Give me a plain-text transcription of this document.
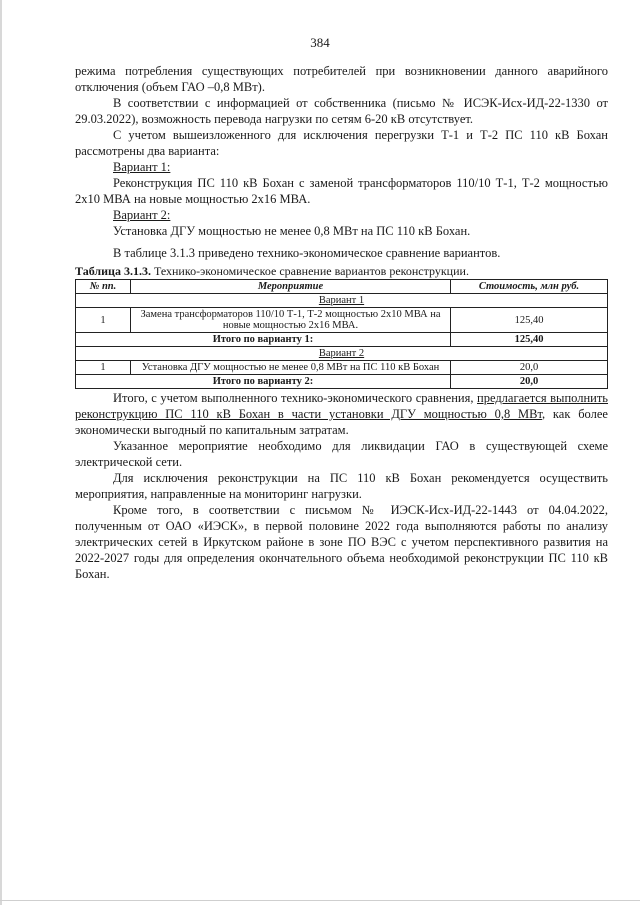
384

режима потребления существующих потребителей при возникновении данного аварийного отключения (объем ГАО –0,8 МВт).

В соответствии с информацией от собственника (письмо № ИСЭК-Исх-ИД-22-1330 от 29.03.2022), возможность перевода нагрузки по сетям 6-20 кВ отсутствует.

С учетом вышеизложенного для исключения перегрузки Т-1 и Т-2 ПС 110 кВ Бохан рассмотрены два варианта:

Вариант 1:

Реконструкция ПС 110 кВ Бохан с заменой трансформаторов 110/10 Т-1, Т-2 мощностью 2х10 МВА на новые мощностью 2х16 МВА.

Вариант 2:

Установка ДГУ мощностью не менее 0,8 МВт на ПС 110 кВ Бохан.

В таблице 3.1.3 приведено технико-экономическое сравнение вариантов.

Таблица 3.1.3. Технико-экономическое сравнение вариантов реконструкции.
№ пп.	Мероприятие	Стоимость, млн руб.
Вариант 1		
1	Замена трансформаторов 110/10 Т-1, Т-2 мощностью 2х10 МВА на новые мощностью 2х16 МВА.	125,40
Итого по варианту 1:		125,40
Вариант 2		
1	Установка ДГУ мощностью не менее 0,8 МВт на ПС 110 кВ Бохан	20,0
Итого по варианту 2:		20,0

Итого, с учетом выполненного технико-экономического сравнения, предлагается выполнить реконструкцию ПС 110 кВ Бохан в части установки ДГУ мощностью 0,8 МВт, как более экономически выгодный по капитальным затратам.

Указанное мероприятие необходимо для ликвидации ГАО в существующей схеме электрической сети.

Для исключения реконструкции на ПС 110 кВ Бохан рекомендуется осуществить мероприятия, направленные на мониторинг нагрузки.

Кроме того, в соответствии с письмом № ИЭСК-Исх-ИД-22-1443 от 04.04.2022, полученным от ОАО «ИЭСК», в первой половине 2022 года выполняются работы по анализу электрических сетей в Иркутском районе в зоне ПО ВЭС с учетом перспективного развития на 2022-2027 годы для определения окончательного объема необходимой реконструкции ПС 110 кВ Бохан.
